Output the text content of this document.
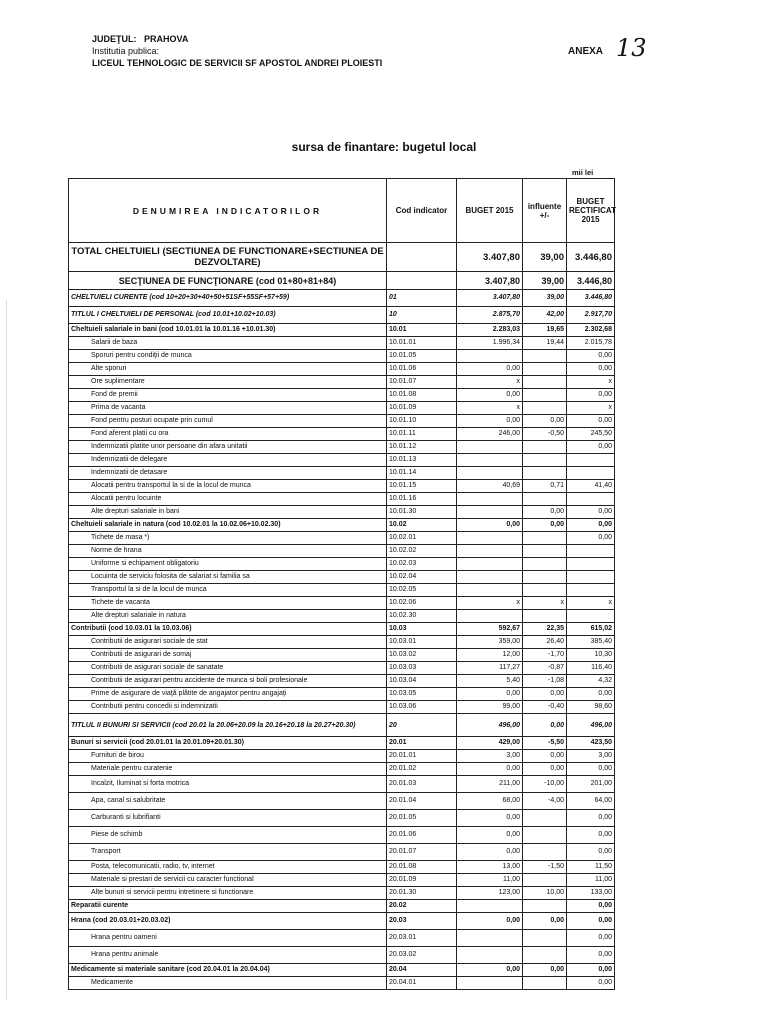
JUDEŢUL: PRAHOVA
Institutia publica:
LICEUL TEHNOLOGIC DE SERVICII SF APOSTOL ANDREI PLOIESTI
ANEXA 13
sursa de finantare: bugetul local
mii lei
DENUMIREA INDICATORILOR	Cod indicator	BUGET 2015	influente +/-	BUGET RECTIFICAT 2015
TOTAL CHELTUIELI (SECTIUNEA DE FUNCTIONARE+SECTIUNEA DE DEZVOLTARE)		3.407,80	39,00	3.446,80
SECŢIUNEA DE FUNCŢIONARE (cod 01+80+81+84)		3.407,80	39,00	3.446,80
CHELTUIELI CURENTE (cod 10+20+30+40+50+51SF+55SF+57+59)	01	3.407,80	39,00	3.446,80
TITLUL I CHELTUIELI DE PERSONAL (cod 10.01+10.02+10.03)	10	2.875,70	42,00	2.917,70
Cheltuieli salariale in bani (cod 10.01.01 la 10.01.16 +10.01.30)	10.01	2.283,03	19,65	2.302,68
Salarii de baza	10.01.01	1.996,34	19,44	2.015,78
Sporuri pentru condiţii de munca	10.01.05			0,00
Alte sporuri	10.01.06	0,00		0,00
Ore suplimentare	10.01.07	x		x
Fond de premii	10.01.08	0,00		0,00
Prima de vacanta	10.01.09	x		x
Fond pentru posturi ocupate prin cumul	10.01.10	0,00	0,00	0,00
Fond aferent platii cu ora	10.01.11	246,00	-0,50	245,50
Indemnizatii platite unor persoane din afara unitatii	10.01.12			0,00
Indemnizatii de delegare	10.01.13			
Indemnizatii de detasare	10.01.14			
Alocatii pentru transportul la si de la locul de munca	10.01.15	40,69	0,71	41,40
Alocatii pentru locuinte	10.01.16			
Alte drepturi salariale in bani	10.01.30		0,00	0,00
Cheltuieli salariale in natura (cod 10.02.01 la 10.02.06+10.02.30)	10.02	0,00	0,00	0,00
Tichete de masa *)	10.02.01			0,00
Norme de hrana	10.02.02			
Uniforme si echipament obligatoriu	10.02.03			
Locuinta de serviciu folosita de salariat si familia sa	10.02.04			
Transportul la si de la locul de munca	10.02.05			
Tichete de vacanta	10.02.06	x	x	x
Alte drepturi salariale in natura	10.02.30			
Contributii (cod 10.03.01 la 10.03.06)	10.03	592,67	22,35	615,02
Contributii de asigurari sociale de stat	10.03.01	359,00	26,40	385,40
Contributii de asigurari de somaj	10.03.02	12,00	-1,70	10,30
Contributii de asigurari sociale de sanatate	10.03.03	117,27	-0,87	116,40
Contributii de asigurari pentru accidente de munca si boli profesionale	10.03.04	5,40	-1,08	4,32
Prime de asigurare de viaţă plătite de angajator pentru angajaţi	10.03.05	0,00	0,00	0,00
Contributii pentru concedii si indemnizatii	10.03.06	99,00	-0,40	98,60
TITLUL II BUNURI SI SERVICII (cod 20.01 la 20.06+20.09 la 20.16+20.18 la 20.27+20.30)	20	496,00	0,00	496,00
Bunuri si servicii (cod 20.01.01 la 20.01.09+20.01.30)	20.01	429,00	-5,50	423,50
Furnituri de birou	20.01.01	3,00	0,00	3,00
Materiale pentru curatenie	20.01.02	0,00	0,00	0,00
Incalzit, Iluminat si forta motrica	20.01.03	211,00	-10,00	201,00
Apa, canal si salubritate	20.01.04	68,00	-4,00	64,00
Carburanti si lubrifianti	20.01.05	0,00		0,00
Piese de schimb	20.01.06	0,00		0,00
Transport	20.01.07	0,00		0,00
Posta, telecomunicatii, radio, tv, internet	20.01.08	13,00	-1,50	11,50
Materiale si prestari de servicii cu caracter functional	20.01.09	11,00		11,00
Alte bunuri si servicii pentru intretinere si functionare	20.01.30	123,00	10,00	133,00
Reparatii curente	20.02			0,00
Hrana (cod 20.03.01+20.03.02)	20.03	0,00	0,00	0,00
Hrana pentru oameni	20.03.01			0,00
Hrana pentru animale	20.03.02			0,00
Medicamente si materiale sanitare (cod 20.04.01 la 20.04.04)	20.04	0,00	0,00	0,00
Medicamente	20.04.01			0,00
